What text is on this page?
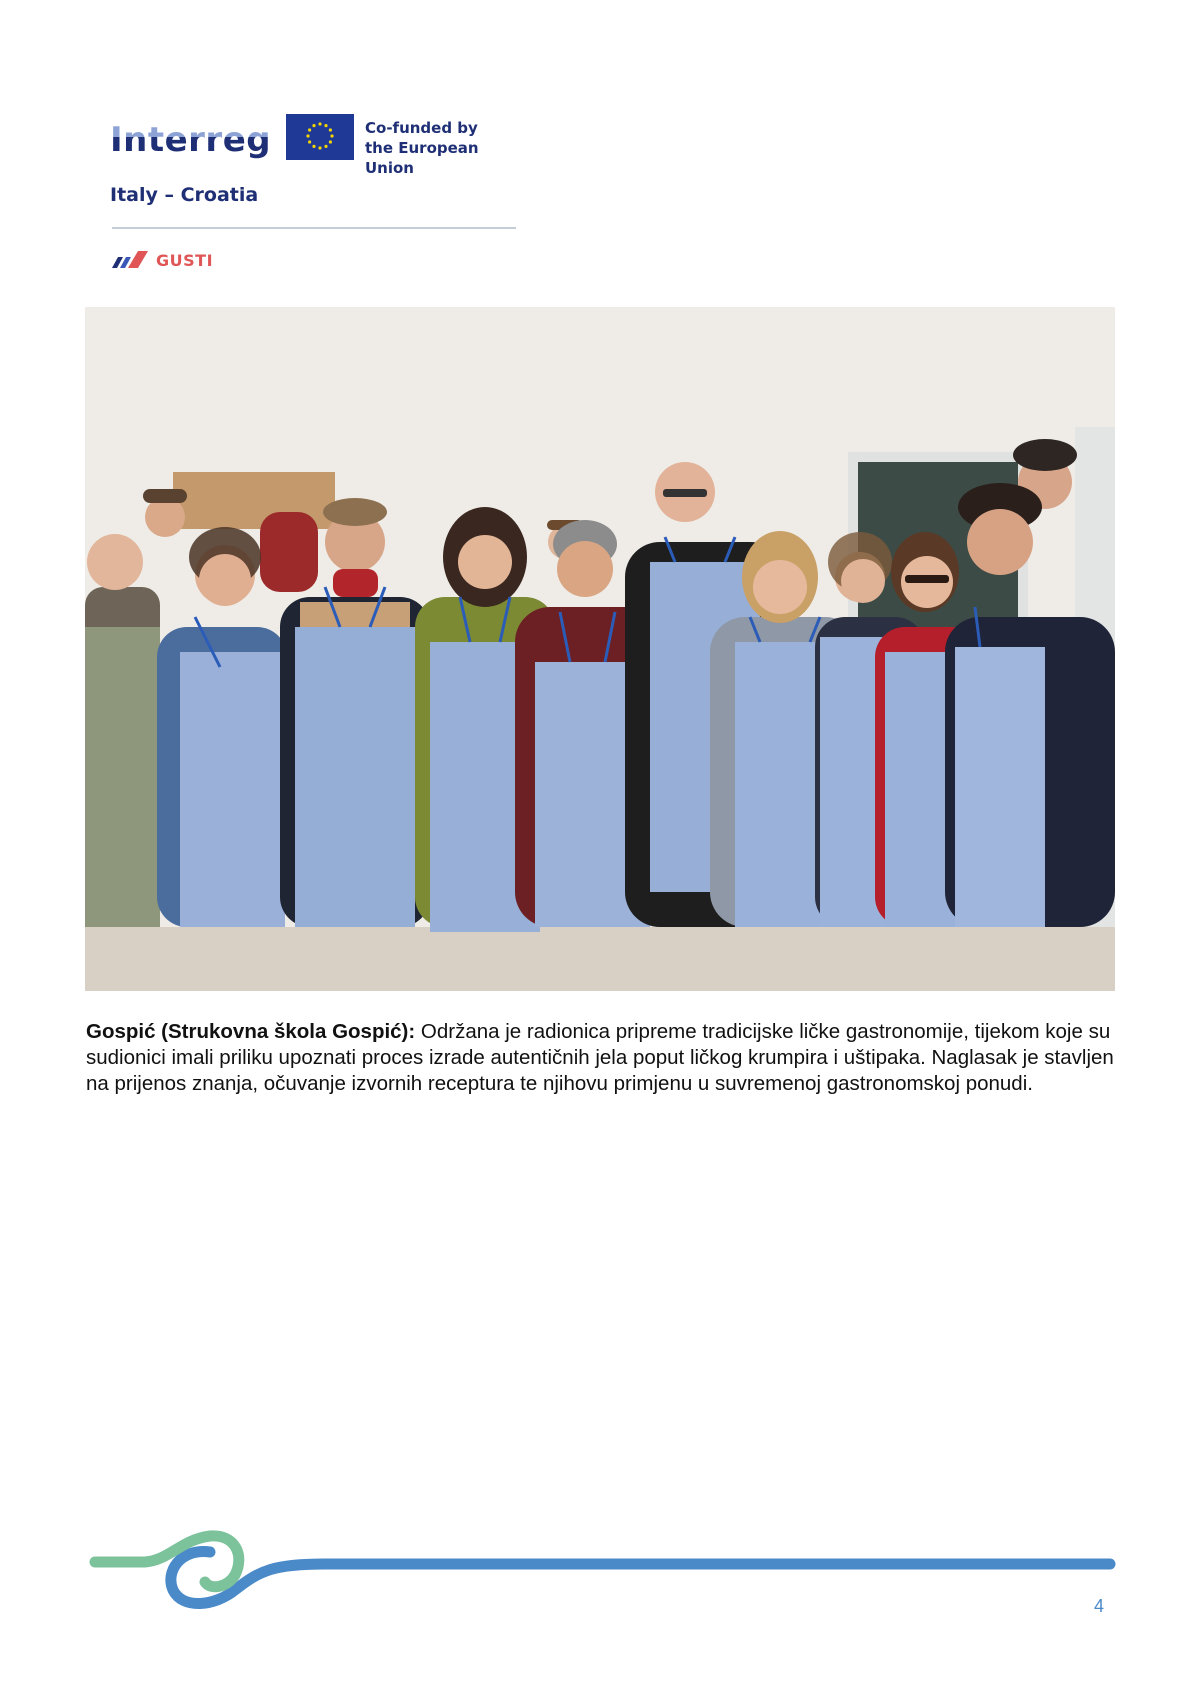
Interreg	Co-funded by
the European Union
Italy – Croatia
GUSTI
Gospić (Strukovna škola Gospić): Održana je radionica pripreme tradicijske ličke gastronomije, tijekom koje su sudionici imali priliku upoznati proces izrade autentičnih jela poput ličkog krumpira i uštipaka. Naglasak je stavljen na prijenos znanja, očuvanje izvornih receptura te njihovu primjenu u suvremenoj gastronomskoj ponudi.
4
